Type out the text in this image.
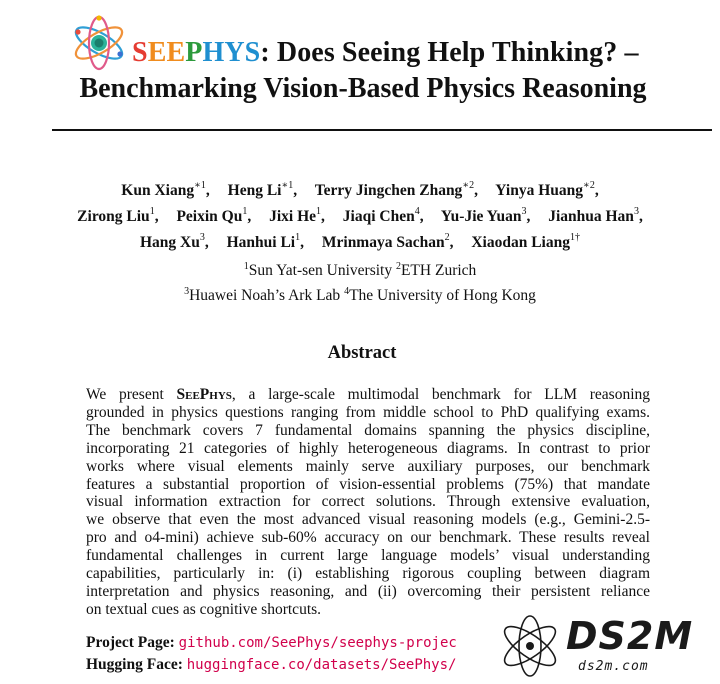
SEEPHYS: Does Seeing Help Thinking? –
Benchmarking Vision-Based Physics Reasoning
Kun Xiang$^{∗1}$, Heng $Li^{∗1}$, Terry Jingchen Zhang$^{∗2}$, Yinya Huang$^{∗2}$,
Zirong Liu$^1$, Peixin Qu$^1$, Jixi He$^1$, Jiaqi Chen$^4$, Yu-Jie Yuan$^3$, Jianhua Han$^3$,
Hang Xu$^3$, Hanhui Li$^1$, Mrinmaya Sachan$^2$, Xiaodan Liang$^{1\dagger}$
$^1$Sun Yat-sen University $^2$ETH Zurich
$^3$Huawei Noah’s Ark Lab $^4$The University of Hong Kong
Abstract
We present SeePhys, a large-scale multimodal benchmark for LLM reasoning
grounded in physics questions ranging from middle school to PhD qualifying exams.
The benchmark covers 7 fundamental domains spanning the physics discipline,
incorporating 21 categories of highly heterogeneous diagrams. In contrast to prior
works where visual elements mainly serve auxiliary purposes, our benchmark
features a substantial proportion of vision-essential problems (75%) that mandate
visual information extraction for correct solutions. Through extensive evaluation,
we observe that even the most advanced visual reasoning models (e.g., Gemini-2.5-
pro and o4-mini) achieve sub-60% accuracy on our benchmark. These results reveal
fundamental challenges in current large language models’ visual understanding
capabilities, particularly in: (i) establishing rigorous coupling between diagram
interpretation and physics reasoning, and (ii) overcoming their persistent reliance
on textual cues as cognitive shortcuts.
Project Page: github.com/SeePhys/seephys-projec
Hugging Face: huggingface.co/datasets/SeePhys/
DS2M
ds2m.com
